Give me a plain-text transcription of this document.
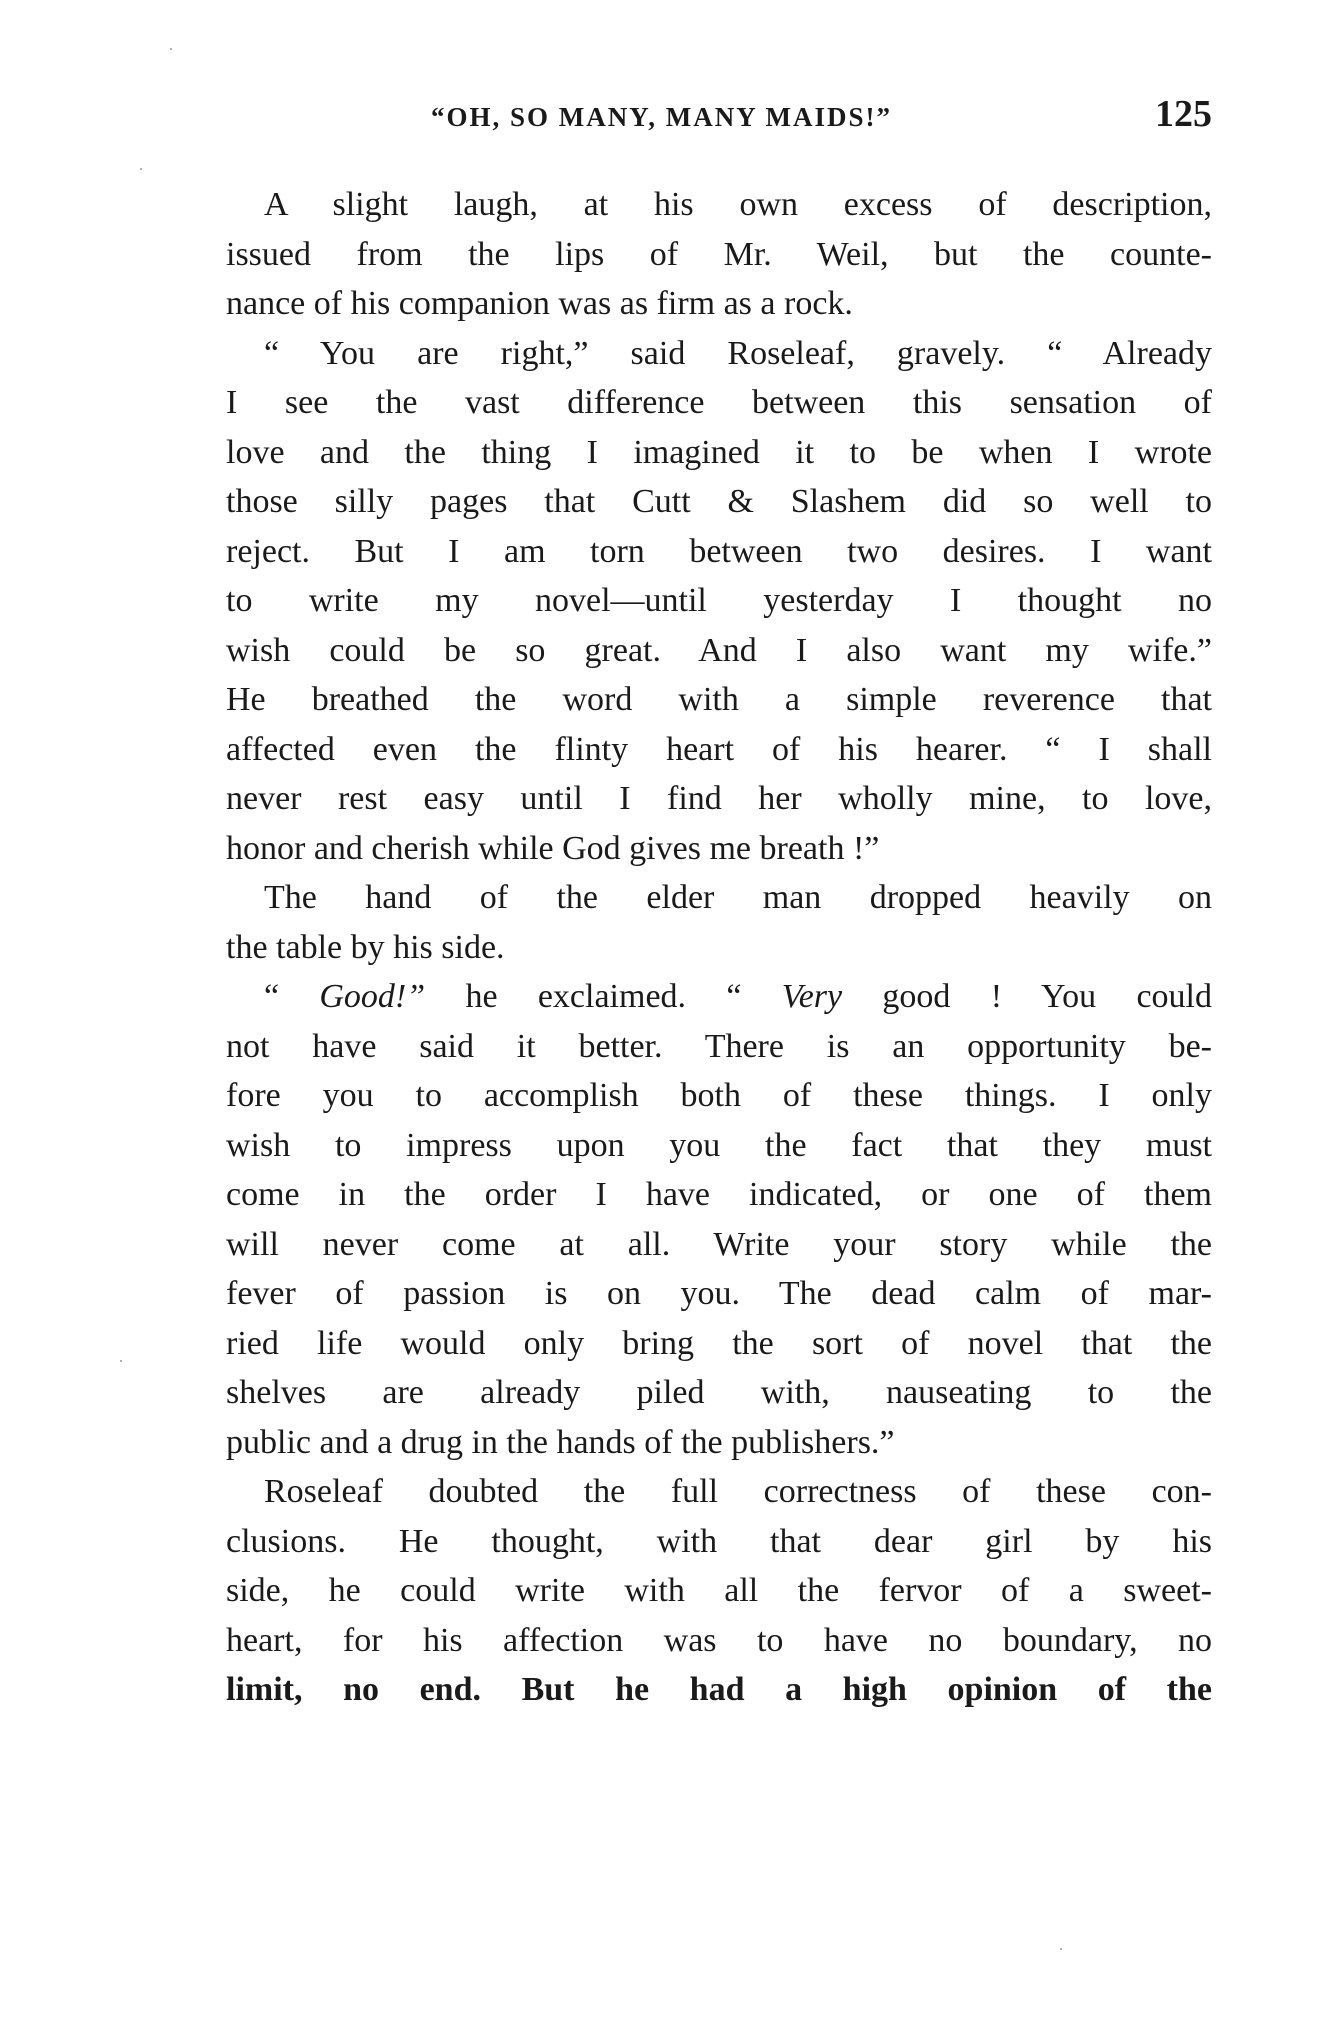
“OH, SO MANY, MANY MAIDS!”	125
A slight laugh, at his own excess of description,
issued from the lips of Mr. Weil, but the counte-
nance of his companion was as firm as a rock.
“ You are right,” said Roseleaf, gravely. “ Already
I see the vast difference between this sensation of
love and the thing I imagined it to be when I wrote
those silly pages that Cutt & Slashem did so well to
reject. But I am torn between two desires. I want
to write my novel—until yesterday I thought no
wish could be so great. And I also want my wife.”
He breathed the word with a simple reverence that
affected even the flinty heart of his hearer. “ I shall
never rest easy until I find her wholly mine, to love,
honor and cherish while God gives me breath !”
The hand of the elder man dropped heavily on
the table by his side.
“ Good!” he exclaimed. “ Very good ! You could
not have said it better. There is an opportunity be-
fore you to accomplish both of these things. I only
wish to impress upon you the fact that they must
come in the order I have indicated, or one of them
will never come at all. Write your story while the
fever of passion is on you. The dead calm of mar-
ried life would only bring the sort of novel that the
shelves are already piled with, nauseating to the
public and a drug in the hands of the publishers.”
Roseleaf doubted the full correctness of these con-
clusions. He thought, with that dear girl by his
side, he could write with all the fervor of a sweet-
heart, for his affection was to have no boundary, no
limit, no end. But he had a high opinion of the
